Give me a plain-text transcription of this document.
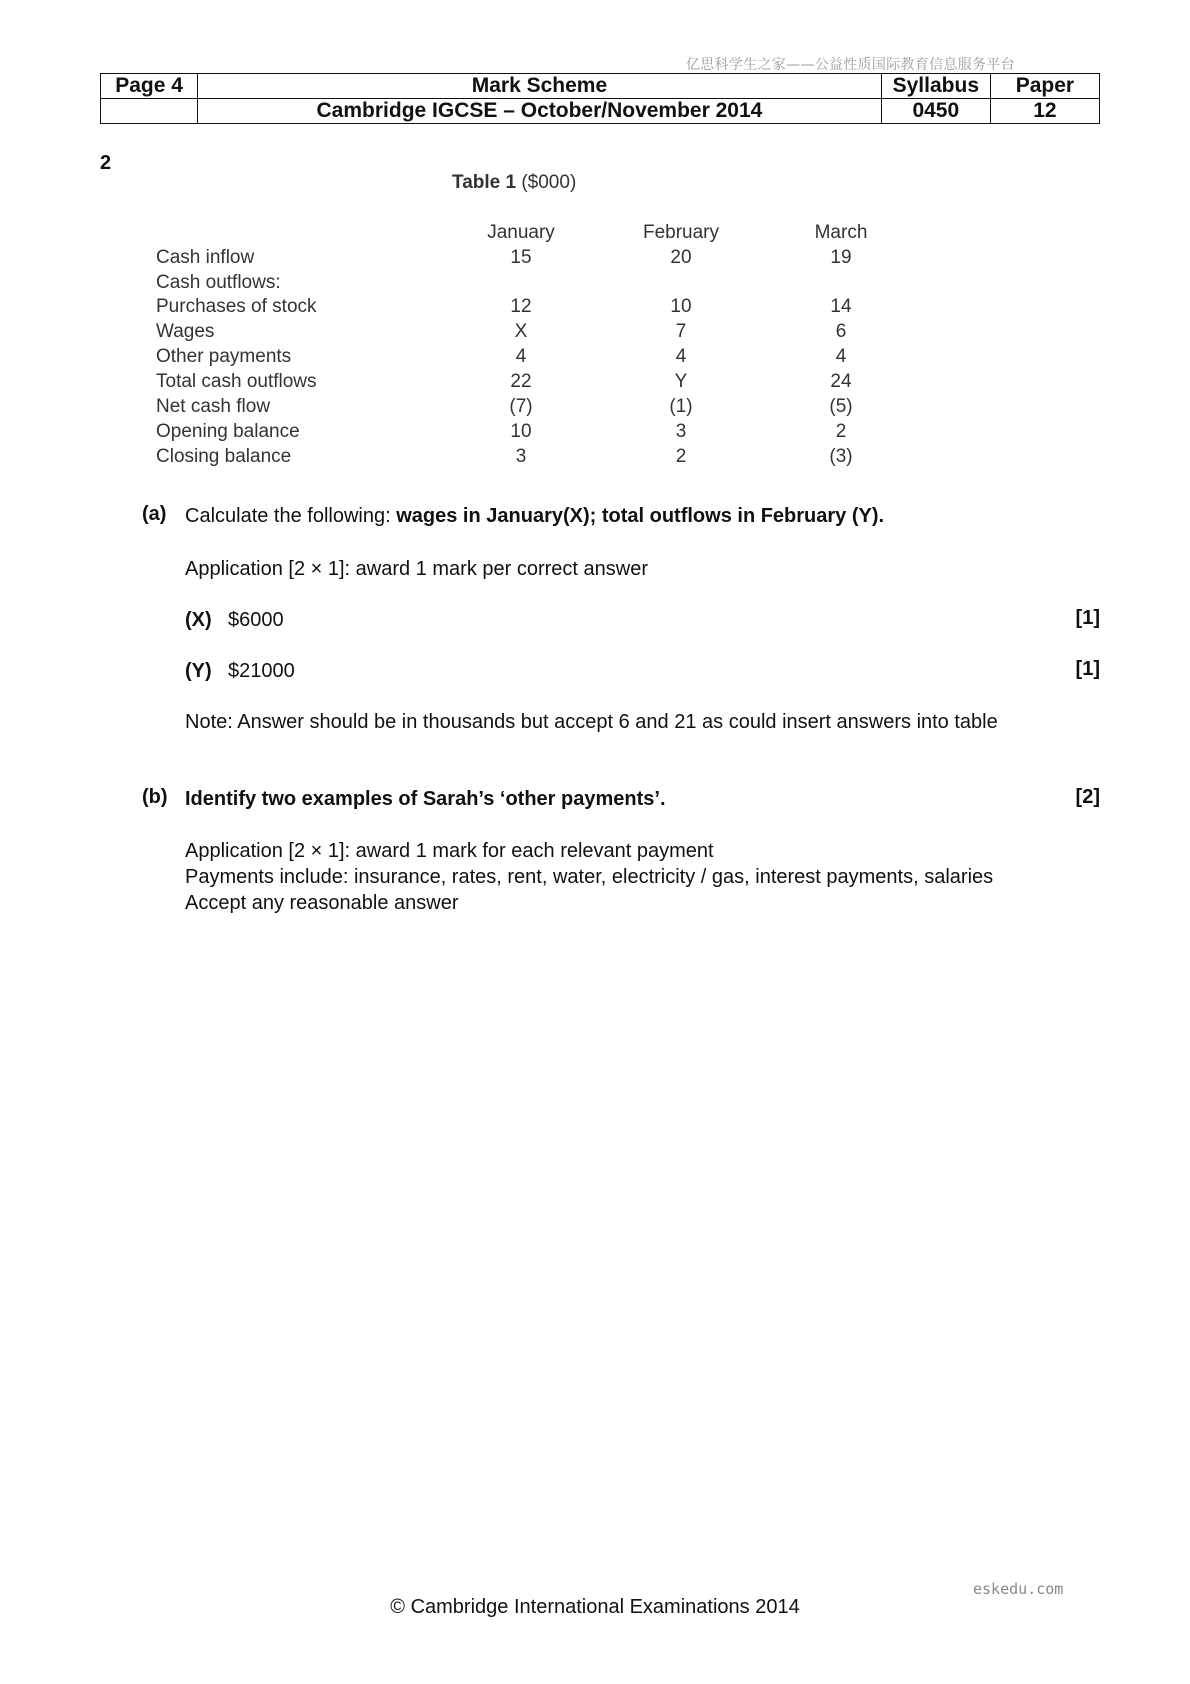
亿思科学生之家——公益性质国际教育信息服务平台
Page 4	Mark Scheme	Syllabus	Paper
	Cambridge IGCSE – October/November 2014	0450	12
2
Table 1 ($000)
January	February	March
Cash inflow	15	20	19
Cash outflows:
Purchases of stock	12	10	14
Wages	X	7	6
Other payments	4	4	4
Total cash outflows	22	Y	24
Net cash flow	(7)	(1)	(5)
Opening balance	10	3	2
Closing balance	3	2	(3)
(a) Calculate the following: wages in January(X); total outflows in February (Y).
Application [2 × 1]: award 1 mark per correct answer
(X) $6000	[1]
(Y) $21000	[1]
Note: Answer should be in thousands but accept 6 and 21 as could insert answers into table
(b) Identify two examples of Sarah’s ‘other payments’.	[2]
Application [2 × 1]: award 1 mark for each relevant payment
Payments include: insurance, rates, rent, water, electricity / gas, interest payments, salaries
Accept any reasonable answer
eskedu.com
© Cambridge International Examinations 2014
